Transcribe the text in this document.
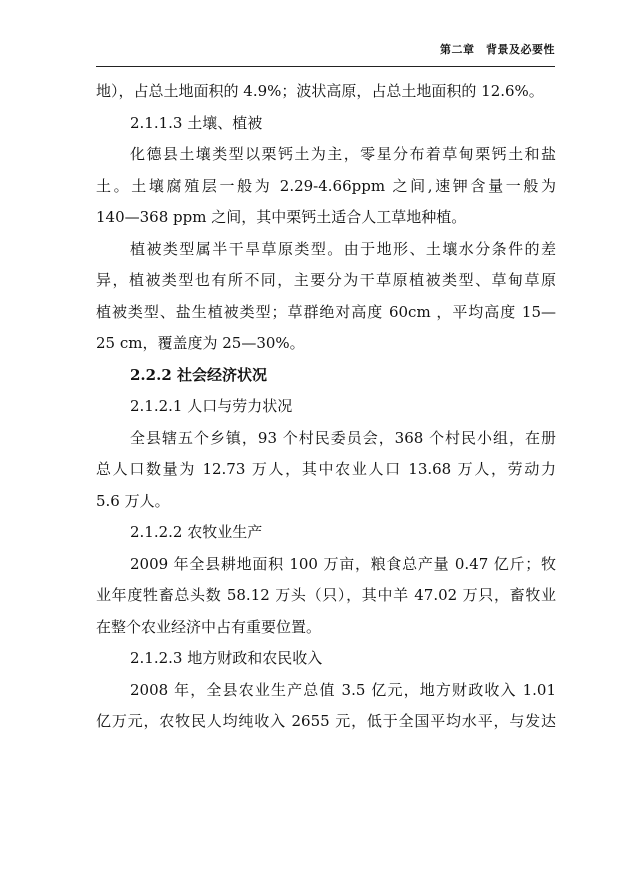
第二章　背景及必要性
地），占总土地面积的 4.9%；波状高原，占总土地面积的 12.6%。
2.1.1.3 土壤、植被
化德县土壤类型以栗钙土为主，零星分布着草甸栗钙土和盐
土。土壤腐殖层一般为 2.29-4.66ppm 之间,速钾含量一般为
140—368 ppm 之间，其中栗钙土适合人工草地种植。
植被类型属半干旱草原类型。由于地形、土壤水分条件的差
异，植被类型也有所不同，主要分为干草原植被类型、草甸草原
植被类型、盐生植被类型；草群绝对高度 60cm ，平均高度 15—
25 cm，覆盖度为 25—30%。
2.2.2 社会经济状况
2.1.2.1 人口与劳力状况
全县辖五个乡镇，93 个村民委员会，368 个村民小组，在册
总人口数量为 12.73 万人，其中农业人口 13.68 万人，劳动力
5.6 万人。
2.1.2.2 农牧业生产
2009 年全县耕地面积 100 万亩，粮食总产量 0.47 亿斤；牧
业年度牲畜总头数 58.12 万头（只），其中羊 47.02 万只，畜牧业
在整个农业经济中占有重要位置。
2.1.2.3 地方财政和农民收入
2008 年，全县农业生产总值 3.5 亿元，地方财政收入 1.01
亿万元，农牧民人均纯收入 2655 元，低于全国平均水平，与发达
